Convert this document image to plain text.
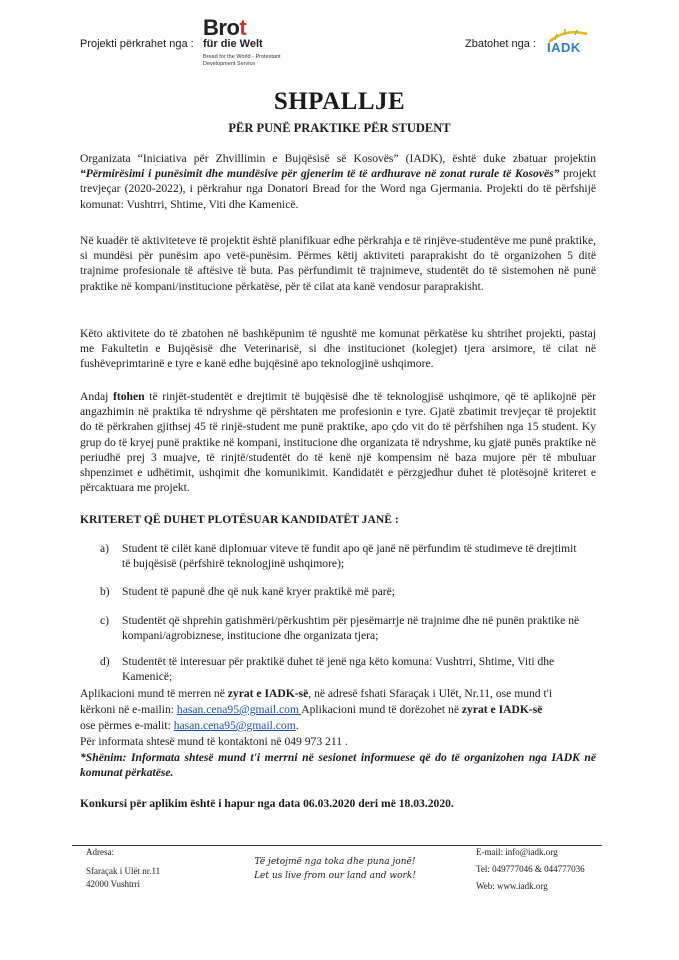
Projekti përkrahet nga :
Brot
für die Welt
Bread for the World - Protestant Development Service
Zbatohet nga : IADK
SHPALLJE
PËR PUNË PRAKTIKE PËR STUDENT
Organizata “Iniciativa për Zhvillimin e Bujqësisë së Kosovës” (IADK), është duke zbatuar projektin “Përmirësimi i punësimit dhe mundësive për gjenerim të të ardhurave në zonat rurale të Kosovës” projekt trevjeçar (2020-2022), i përkrahur nga Donatori Bread for the Word nga Gjermania. Projekti do të përfshijë komunat: Vushtrri, Shtime, Viti dhe Kamenicë.
Në kuadër të aktiviteteve të projektit është planifikuar edhe përkrahja e të rinjëve-studentëve me punë praktike, si mundësi për punësim apo vetë-punësim. Përmes këtij aktiviteti paraprakisht do të organizohen 5 ditë trajnime profesionale të aftësive të buta. Pas përfundimit të trajnimeve, studentët do të sistemohen në punë praktike në kompani/institucione përkatëse, për të cilat ata kanë vendosur paraprakisht.
Këto aktivitete do të zbatohen në bashkëpunim të ngushtë me komunat përkatëse ku shtrihet projekti, pastaj me Fakultetin e Bujqësisë dhe Veterinarisë, si dhe institucionet (kolegjet) tjera arsimore, të cilat në fushëveprimtarinë e tyre e kanë edhe bujqësinë apo teknologjinë ushqimore.
Andaj ftohen të rinjët-studentët e drejtimit të bujqësisë dhe të teknologjisë ushqimore, që të aplikojnë për angazhimin në praktika të ndryshme që përshtaten me profesionin e tyre. Gjatë zbatimit trevjeçar të projektit do të përkrahen gjithsej 45 të rinjë-student me punë praktike, apo çdo vit do të përfshihen nga 15 student. Ky grup do të kryej punë praktike në kompani, institucione dhe organizata të ndryshme, ku gjatë punës praktike në periudhë prej 3 muajve, të rinjtë/studentët do të kenë një kompensim në baza mujore për të mbuluar shpenzimet e udhëtimit, ushqimit dhe komunikimit. Kandidatët e përzgjedhur duhet të plotësojnë kriteret e përcaktuara me projekt.
KRITERET QË DUHET PLOTËSUAR KANDIDATËT JANË :
a) Student të cilët kanë diplomuar viteve të fundit apo që janë në përfundim të studimeve të drejtimit të bujqësisë (përfshirë teknologjinë ushqimore);
b) Student të papunë dhe që nuk kanë kryer praktikë më parë;
c) Studentët që shprehin gatishmëri/përkushtim për pjesëmarrje në trajnime dhe në punën praktike në kompani/agrobiznese, institucione dhe organizata tjera;
d) Studentët të interesuar për praktikë duhet të jenë nga këto komuna: Vushtrri, Shtime, Viti dhe Kamenicë;
Aplikacioni mund të merren në zyrat e IADK-së, në adresë fshati Sfaraçak i Ulët, Nr.11, ose mund t'i
kërkoni në e-mailin: hasan.cena95@gmail.com Aplikacioni mund të dorëzohet në zyrat e IADK-së
ose përmes e-malit: hasan.cena95@gmail.com.
Për informata shtesë mund të kontaktoni në 049 973 211 .
*Shënim: Informata shtesë mund t'i merrni në sesionet informuese që do të organizohen nga IADK në komunat përkatëse.
Konkursi për aplikim është i hapur nga data 06.03.2020 deri më 18.03.2020.
Adresa:
Sfaraçak i Ulët nr.11
42000 Vushtrri
Të jetojmë nga toka dhe puna jonë!
Let us live from our land and work!
E-mail: info@iadk.org
Tel: 049777046 & 044777036
Web: www.iadk.org
